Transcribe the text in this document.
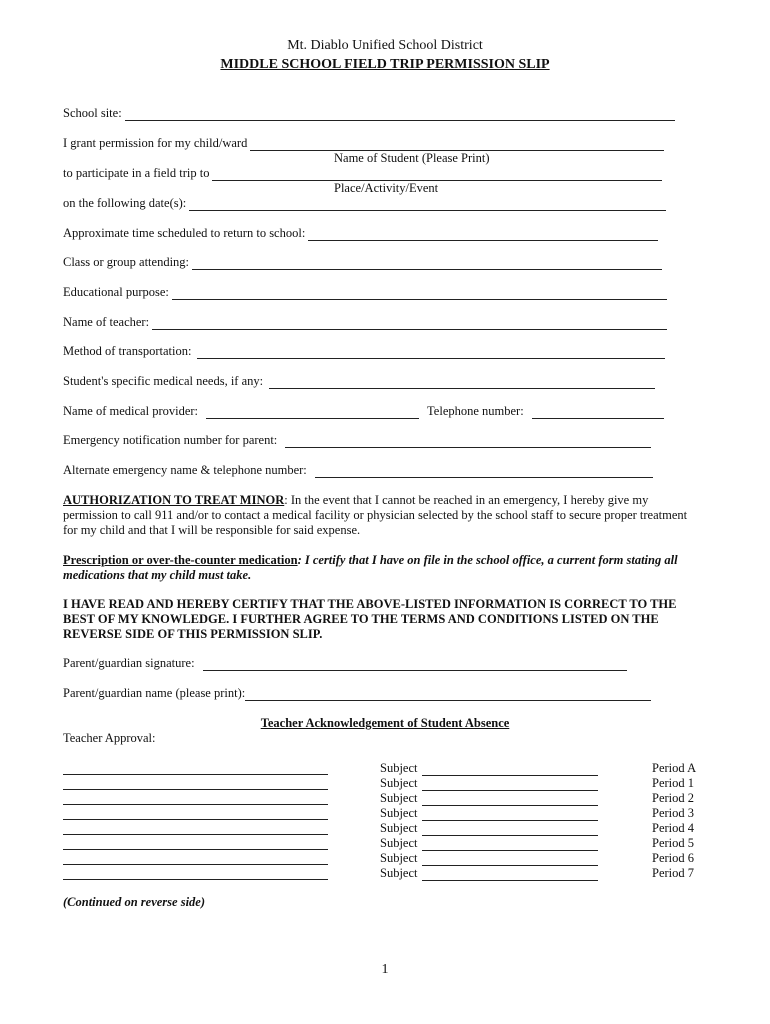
Mt. Diablo Unified School District
MIDDLE SCHOOL FIELD TRIP PERMISSION SLIP
School site:
I grant permission for my child/ward
Name of Student (Please Print)
to participate in a field trip to
Place/Activity/Event
on the following date(s):
Approximate time scheduled to return to school:
Class or group attending:
Educational purpose:
Name of teacher:
Method of transportation:
Student's specific medical needs, if any:
Name of medical provider:	Telephone number:
Emergency notification number for parent:
Alternate emergency name & telephone number:
AUTHORIZATION TO TREAT MINOR: In the event that I cannot be reached in an emergency, I hereby give my permission to call 911 and/or to contact a medical facility or physician selected by the school staff to secure proper treatment for my child and that I will be responsible for said expense.
Prescription or over-the-counter medication: I certify that I have on file in the school office, a current form stating all medications that my child must take.
I HAVE READ AND HEREBY CERTIFY THAT THE ABOVE-LISTED INFORMATION IS CORRECT TO THE BEST OF MY KNOWLEDGE. I FURTHER AGREE TO THE TERMS AND CONDITIONS LISTED ON THE REVERSE SIDE OF THIS PERMISSION SLIP.
Parent/guardian signature:
Parent/guardian name (please print):
Teacher Acknowledgement of Student Absence
Teacher Approval:
Subject
Subject
Subject
Subject
Subject
Subject
Subject
Subject
Period A
Period 1
Period 2
Period 3
Period 4
Period 5
Period 6
Period 7
(Continued on reverse side)
1
